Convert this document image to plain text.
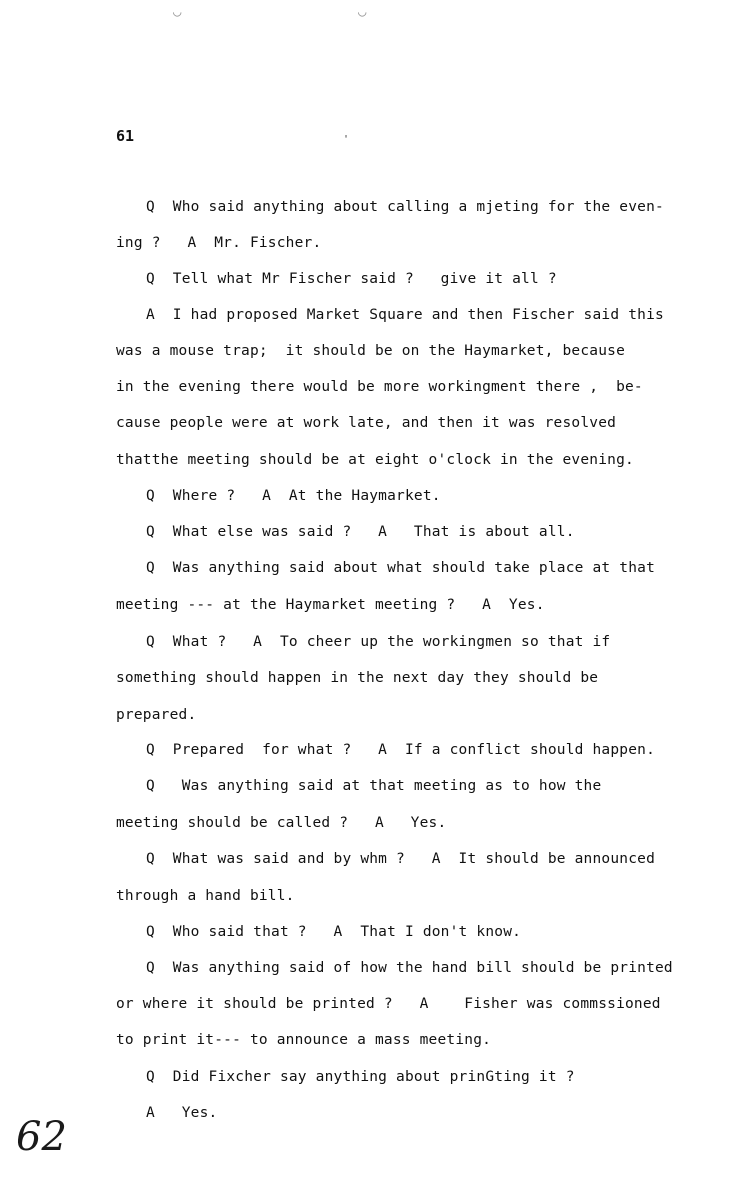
◡	◡
'
61
Q  Who said anything about calling a mjeting for the even-
ing ?   A  Mr. Fischer.
Q  Tell what Mr Fischer said ?   give it all ?
A  I had proposed Market Square and then Fischer said this
was a mouse trap;  it should be on the Haymarket, because
in the evening there would be more workingment there ,  be-
cause people were at work late, and then it was resolved
thatthe meeting should be at eight o'clock in the evening.
Q  Where ?   A  At the Haymarket.
Q  What else was said ?   A   That is about all.
Q  Was anything said about what should take place at that
meeting --- at the Haymarket meeting ?   A  Yes.
Q  What ?   A  To cheer up the workingmen so that if
something should happen in the next day they should be
prepared.
Q  Prepared  for what ?   A  If a conflict should happen.
Q   Was anything said at that meeting as to how the
meeting should be called ?   A   Yes.
Q  What was said and by whm ?   A  It should be announced
through a hand bill.
Q  Who said that ?   A  That I don't know.
Q  Was anything said of how the hand bill should be printed
or where it should be printed ?   A    Fisher was commssioned
to print it--- to announce a mass meeting.
Q  Did Fixcher say anything about prinGting it ?
A   Yes.
62
